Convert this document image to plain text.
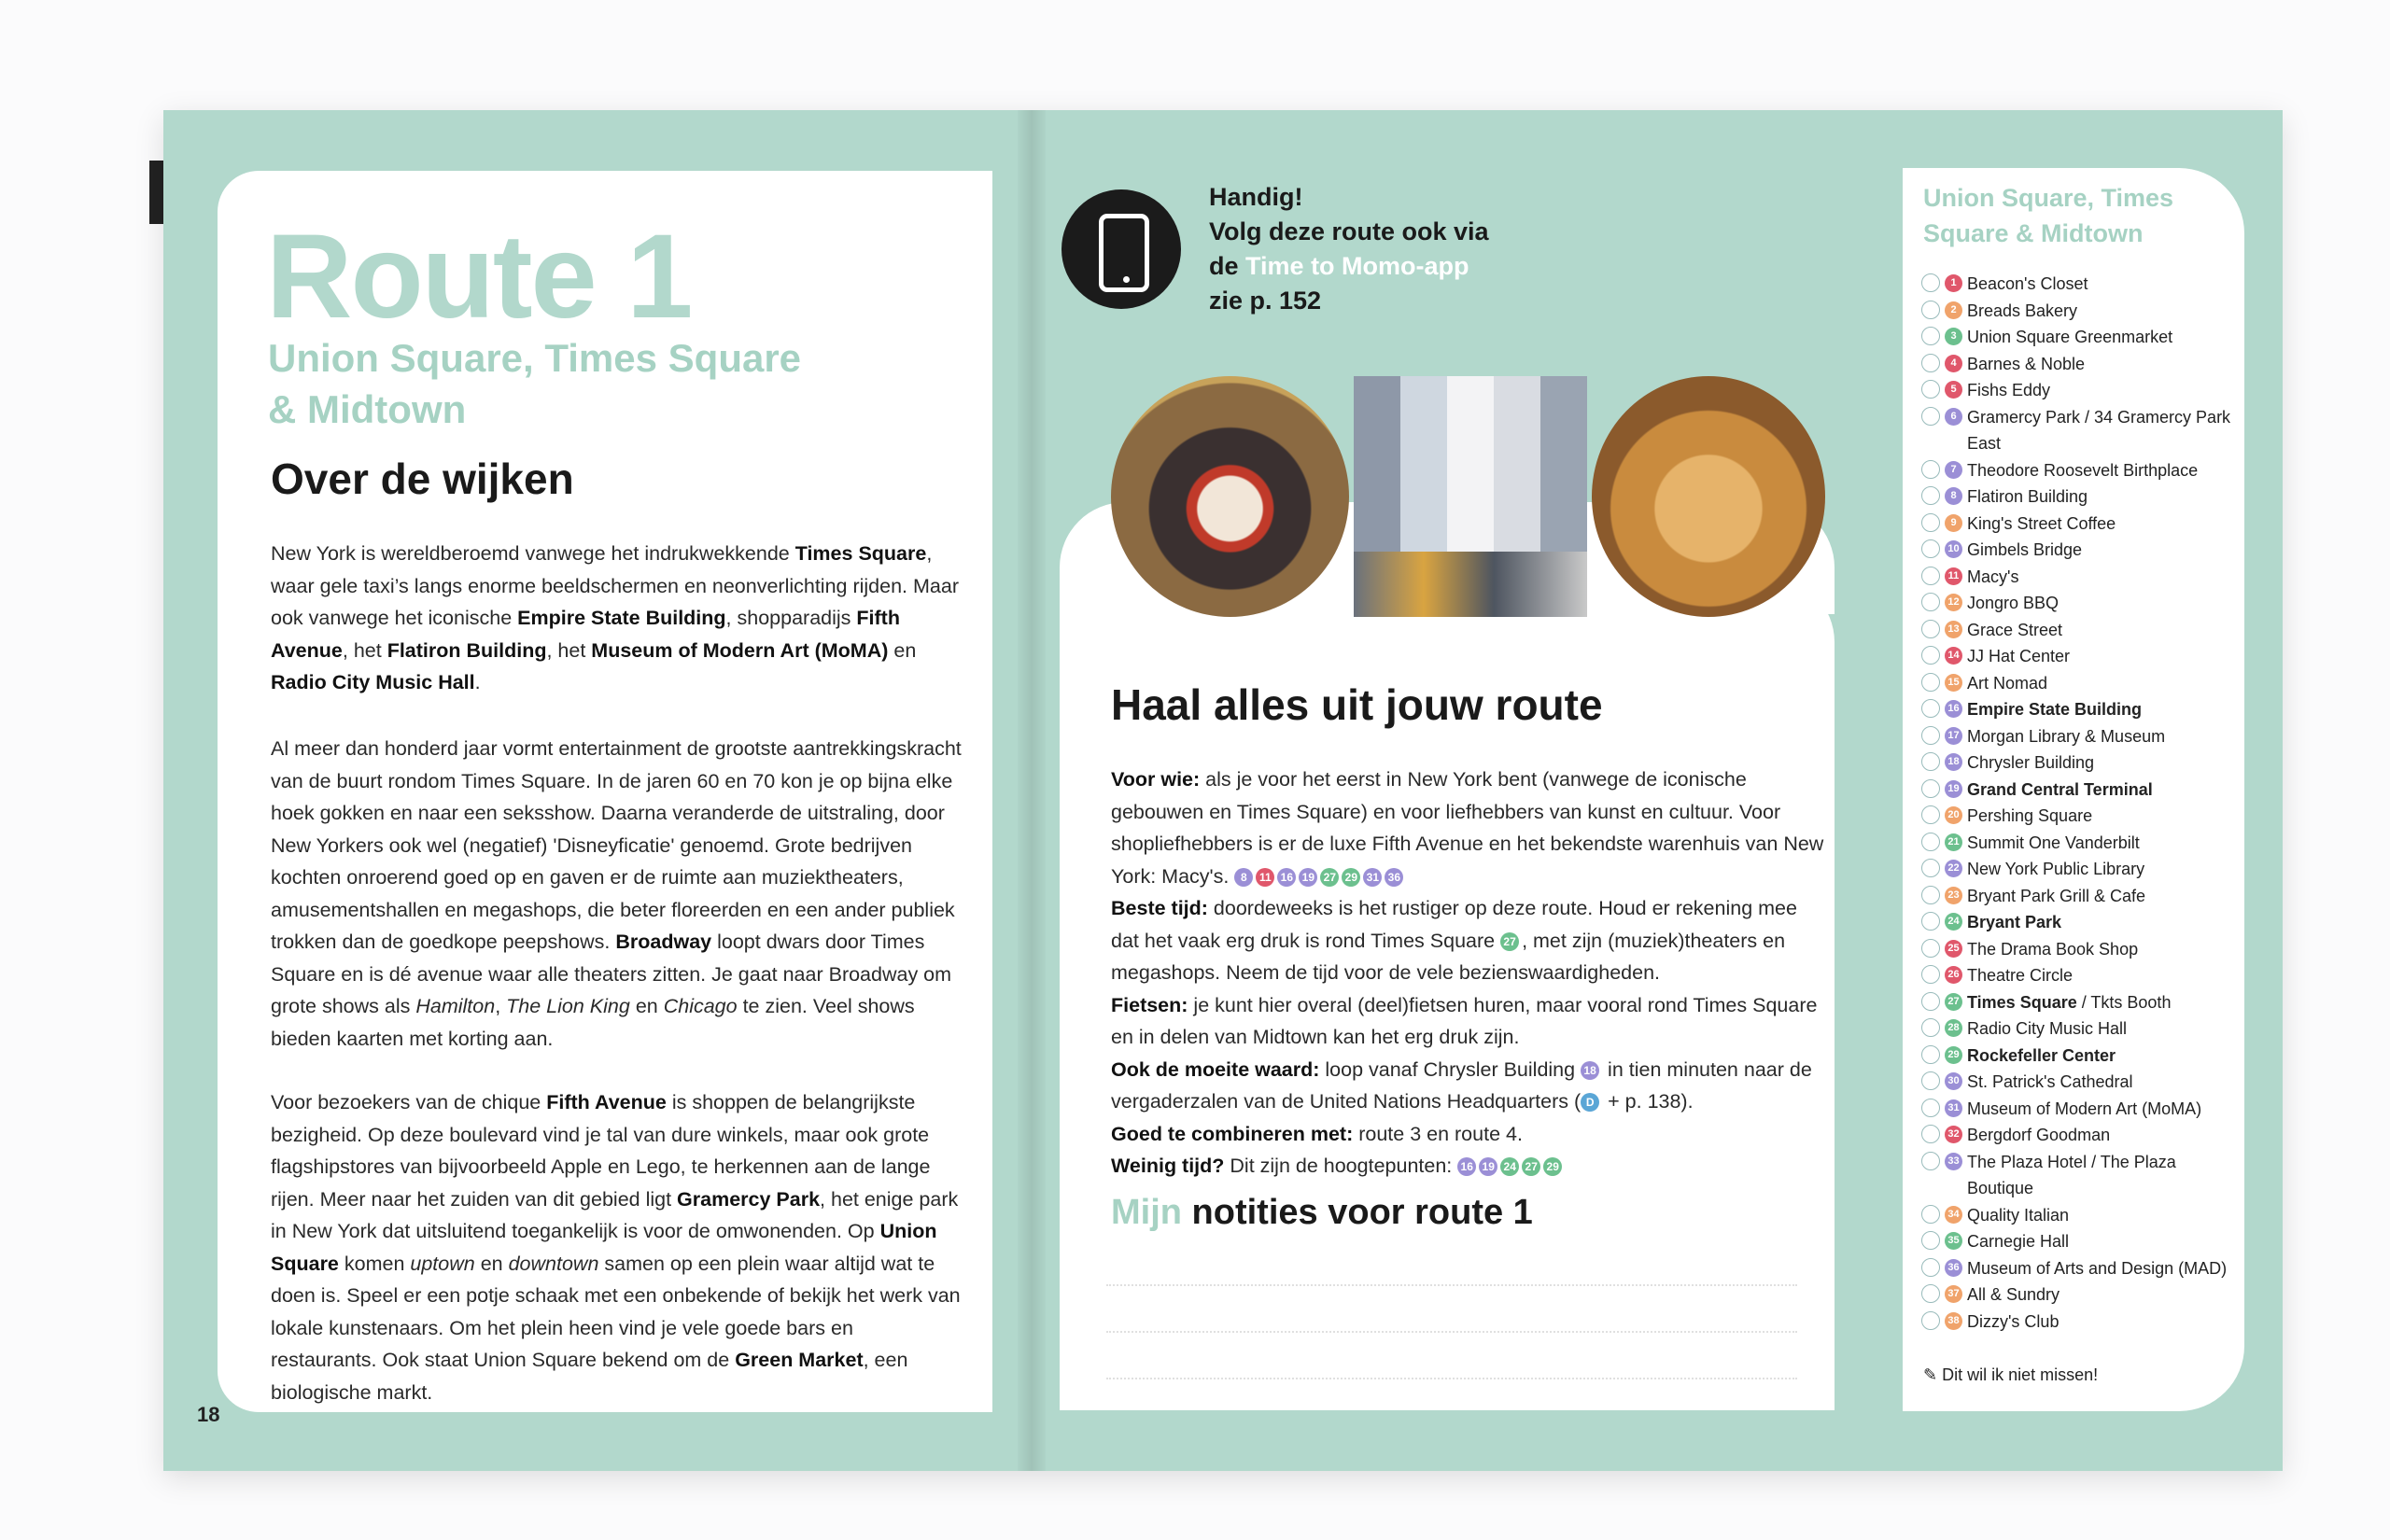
Route 1
Union Square, Times Square
& Midtown
Over de wijken
New York is wereldberoemd vanwege het indrukwekkende Times Square, waar gele taxi’s langs enorme beeldschermen en neonverlichting rijden. Maar ook vanwege het iconische Empire State Building, shopparadijs Fifth Avenue, het Flatiron Building, het Museum of Modern Art (MoMA) en Radio City Music Hall.
Al meer dan honderd jaar vormt entertainment de grootste aantrekkingskracht van de buurt rondom Times Square. In de jaren 60 en 70 kon je op bijna elke hoek gokken en naar een seksshow. Daarna veranderde de uitstraling, door New Yorkers ook wel (negatief) 'Disneyficatie' genoemd. Grote bedrijven kochten onroerend goed op en gaven er de ruimte aan muziektheaters, amusementshallen en megashops, die beter floreerden en een ander publiek trokken dan de goedkope peepshows. Broadway loopt dwars door Times Square en is dé avenue waar alle theaters zitten. Je gaat naar Broadway om grote shows als Hamilton, The Lion King en Chicago te zien. Veel shows bieden kaarten met korting aan.
Voor bezoekers van de chique Fifth Avenue is shoppen de belangrijkste bezigheid. Op deze boulevard vind je tal van dure winkels, maar ook grote flagshipstores van bijvoorbeeld Apple en Lego, te herkennen aan de lange rijen. Meer naar het zuiden van dit gebied ligt Gramercy Park, het enige park in New York dat uitsluitend toegankelijk is voor de omwonenden. Op Union Square komen uptown en downtown samen op een plein waar altijd wat te doen is. Speel er een potje schaak met een onbekende of bekijk het werk van lokale kunstenaars. Om het plein heen vind je vele goede bars en restaurants. Ook staat Union Square bekend om de Green Market, een biologische markt.
18
Handig!
Volg deze route ook via
de Time to Momo-app
zie p. 152
Haal alles uit jouw route
Voor wie: als je voor het eerst in New York bent (vanwege de iconische gebouwen en Times Square) en voor liefhebbers van kunst en cultuur. Voor shopliefhebbers is er de luxe Fifth Avenue en het bekendste warenhuis van New York: Macy's. 8 11 16 19 27 29 31 36
Beste tijd: doordeweeks is het rustiger op deze route. Houd er rekening mee dat het vaak erg druk is rond Times Square 27 , met zijn (muziek)theaters en megashops. Neem de tijd voor de vele bezienswaardigheden.
Fietsen: je kunt hier overal (deel)fietsen huren, maar vooral rond Times Square en in delen van Midtown kan het erg druk zijn.
Ook de moeite waard: loop vanaf Chrysler Building 18 in tien minuten naar de vergaderzalen van de United Nations Headquarters ( D + p. 138).
Goed te combineren met: route 3 en route 4.
Weinig tijd? Dit zijn de hoogtepunten: 16 19 24 27 29
Mijn notities voor route 1
Union Square, Times
Square & Midtown
1 Beacon's Closet
2 Breads Bakery
3 Union Square Greenmarket
4 Barnes & Noble
5 Fishs Eddy
6 Gramercy Park / 34 Gramercy Park East
7 Theodore Roosevelt Birthplace
8 Flatiron Building
9 King's Street Coffee
10 Gimbels Bridge
11 Macy's
12 Jongro BBQ
13 Grace Street
14 JJ Hat Center
15 Art Nomad
16 Empire State Building
17 Morgan Library & Museum
18 Chrysler Building
19 Grand Central Terminal
20 Pershing Square
21 Summit One Vanderbilt
22 New York Public Library
23 Bryant Park Grill & Cafe
24 Bryant Park
25 The Drama Book Shop
26 Theatre Circle
27 Times Square / Tkts Booth
28 Radio City Music Hall
29 Rockefeller Center
30 St. Patrick's Cathedral
31 Museum of Modern Art (MoMA)
32 Bergdorf Goodman
33 The Plaza Hotel / The Plaza Boutique
34 Quality Italian
35 Carnegie Hall
36 Museum of Arts and Design (MAD)
37 All & Sundry
38 Dizzy's Club
✎ Dit wil ik niet missen!
